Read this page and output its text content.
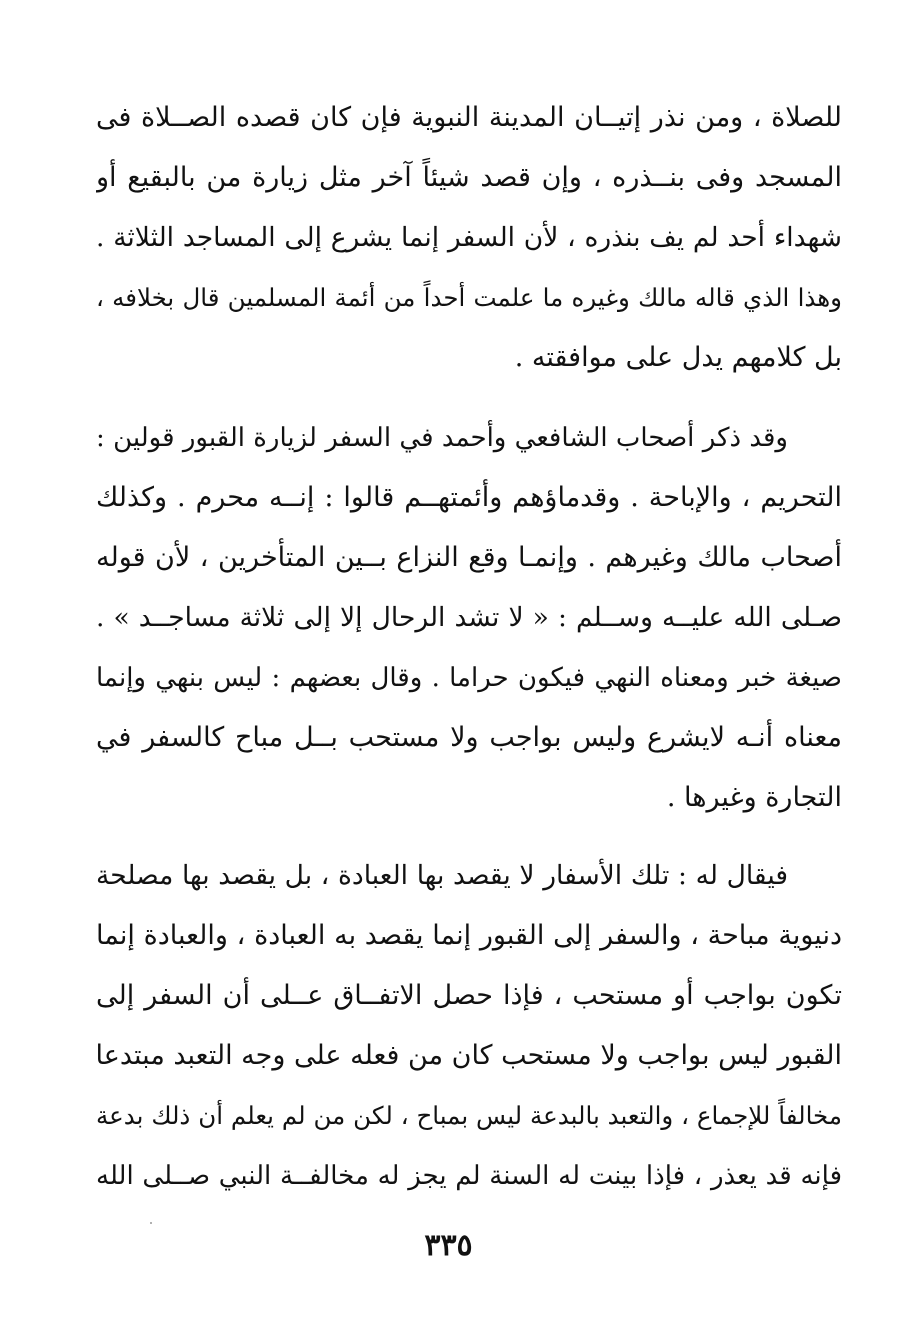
للصلاة ، ومن نذر إتيــان المدينة النبوية فإن كان قصده الصــلاة فى
المسجد وفى بنــذره ، وإن قصد شيئاً آخر مثل زيارة من بالبقيع أو
شهداء أحد لم يف بنذره ، لأن السفر إنما يشرع إلى المساجد الثلاثة .
وهذا الذي قاله مالك وغيره ما علمت أحداً من أئمة المسلمين قال بخلافه ،
بل كلامهم يدل على موافقته .
وقد ذكر أصحاب الشافعي وأحمد في السفر لزيارة القبور قولين :
التحريم ، والإباحة . وقدماؤهم وأئمتهــم قالوا : إنــه محرم . وكذلك
أصحاب مالك وغيرهم . وإنمـا وقع النزاع بــين المتأخرين ، لأن قوله
صـلى الله عليــه وســلم : « لا تشد الرحال إلا إلى ثلاثة مساجــد » .
صيغة خبر ومعناه النهي فيكون حراما . وقال بعضهم : ليس بنهي وإنما
معناه أنـه لايشرع وليس بواجب ولا مستحب بــل مباح كالسفر في
التجارة وغيرها .
فيقال له : تلك الأسفار لا يقصد بها العبادة ، بل يقصد بها مصلحة
دنيوية مباحة ، والسفر إلى القبور إنما يقصد به العبادة ، والعبادة إنما
تكون بواجب أو مستحب ، فإذا حصل الاتفــاق عــلى أن السفر إلى
القبور ليس بواجب ولا مستحب كان من فعله على وجه التعبد مبتدعا
مخالفاً للإجماع ، والتعبد بالبدعة ليس بمباح ، لكن من لم يعلم أن ذلك بدعة
فإنه قد يعذر ، فإذا بينت له السنة لم يجز له مخالفــة النبي صــلى الله
٣٣٥
